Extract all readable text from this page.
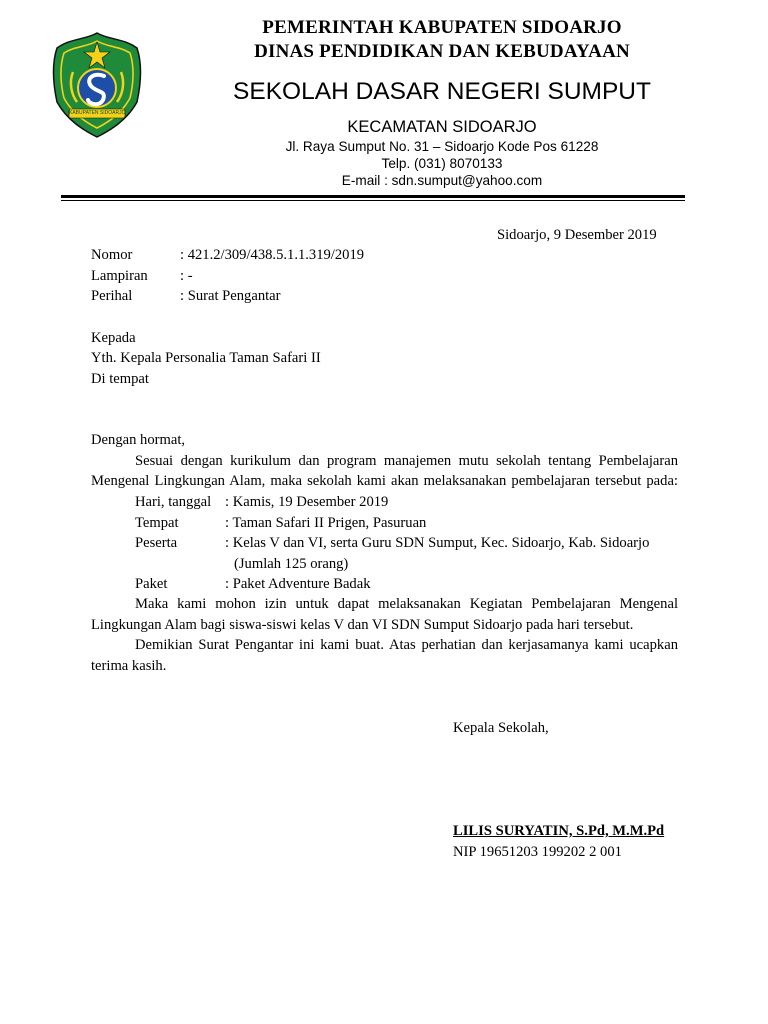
KABUPATEN SIDOARJO
PEMERINTAH KABUPATEN SIDOARJO
DINAS PENDIDIKAN DAN KEBUDAYAAN
SEKOLAH DASAR NEGERI SUMPUT
KECAMATAN SIDOARJO
Jl. Raya Sumput No. 31 – Sidoarjo Kode Pos 61228
Telp. (031) 8070133
E-mail : sdn.sumput@yahoo.com
Sidoarjo, 9 Desember 2019
Nomor	: 421.2/309/438.5.1.1.319/2019
Lampiran : -
Perihal	: Surat Pengantar
Kepada
Yth. Kepala Personalia Taman Safari II
Di tempat
Dengan hormat,
Sesuai dengan kurikulum dan program manajemen mutu sekolah tentang Pembelajaran
Mengenal Lingkungan Alam, maka sekolah kami akan melaksanakan pembelajaran tersebut pada:
Hari, tanggal : Kamis, 19 Desember 2019
Tempat	: Taman Safari II Prigen, Pasuruan
Peserta	: Kelas V dan VI, serta Guru SDN Sumput, Kec. Sidoarjo, Kab. Sidoarjo
(Jumlah 125 orang)
Paket	: Paket Adventure Badak
Maka kami mohon izin untuk dapat melaksanakan Kegiatan Pembelajaran Mengenal
Lingkungan Alam bagi siswa-siswi kelas V dan VI SDN Sumput Sidoarjo pada hari tersebut.
Demikian Surat Pengantar ini kami buat. Atas perhatian dan kerjasamanya kami ucapkan
terima kasih.
Kepala Sekolah,
LILIS SURYATIN, S.Pd, M.M.Pd
NIP 19651203 199202 2 001
